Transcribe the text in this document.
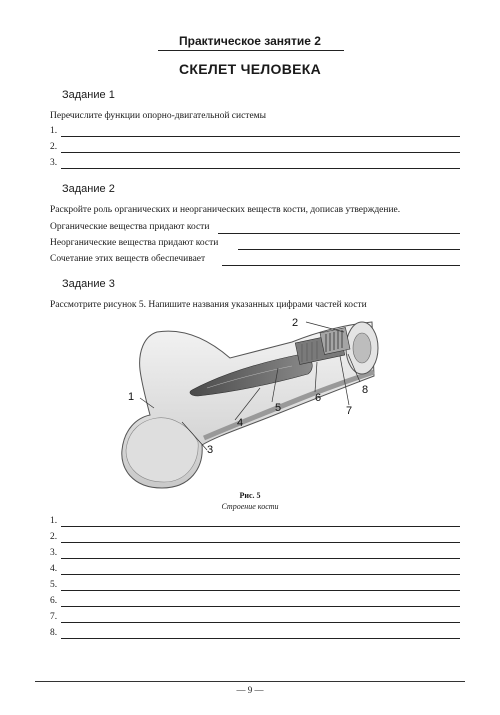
Практическое занятие 2
СКЕЛЕТ ЧЕЛОВЕКА
Задание 1
Перечислите функции опорно-двигательной системы
1.
2.
3.
Задание 2
Раскройте роль органических и неорганических веществ кости, дописав утверждение.
Органические вещества придают кости
Неорганические вещества придают кости
Сочетание этих веществ обеспечивает
Задание 3
Рассмотрите рисунок 5. Напишите названия указанных цифрами частей кости
1
2
3
4
5
6
7
8
Рис. 5
Строение кости
1.
2.
3.
4.
5.
6.
7.
8.
— 9 —
